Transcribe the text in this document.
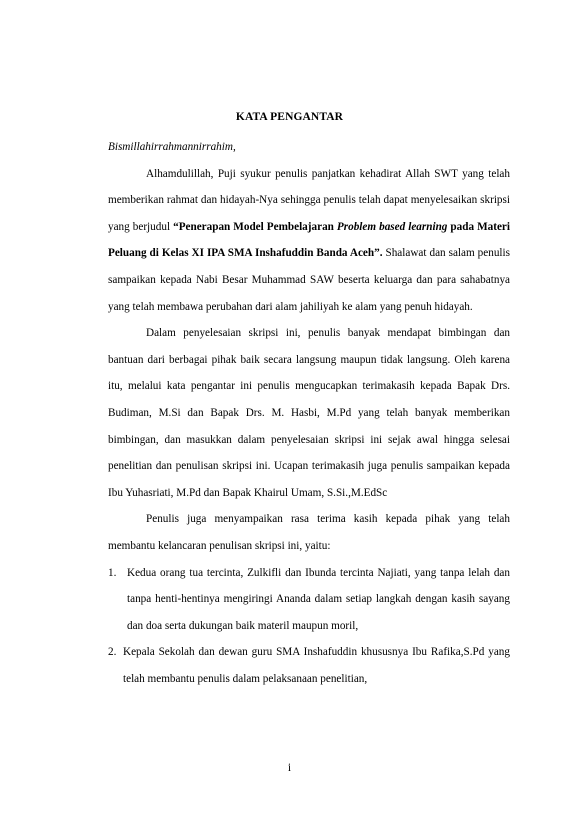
KATA PENGANTAR

Bismillahirrahmannirrahim,

Alhamdulillah, Puji syukur penulis panjatkan kehadirat Allah SWT yang telah memberikan rahmat dan hidayah-Nya sehingga penulis telah dapat menyelesaikan skripsi yang berjudul “Penerapan Model Pembelajaran Problem based learning pada Materi Peluang di Kelas XI IPA SMA Inshafuddin Banda Aceh”. Shalawat dan salam penulis sampaikan kepada Nabi Besar Muhammad SAW beserta keluarga dan para sahabatnya yang telah membawa perubahan dari alam jahiliyah ke alam yang penuh hidayah.

Dalam penyelesaian skripsi ini, penulis banyak mendapat bimbingan dan bantuan dari berbagai pihak baik secara langsung maupun tidak langsung. Oleh karena itu, melalui kata pengantar ini penulis mengucapkan terimakasih kepada Bapak Drs. Budiman, M.Si dan Bapak Drs. M. Hasbi, M.Pd yang telah banyak memberikan bimbingan, dan masukkan dalam penyelesaian skripsi ini sejak awal hingga selesai penelitian dan penulisan skripsi ini. Ucapan terimakasih juga penulis sampaikan kepada Ibu Yuhasriati, M.Pd dan Bapak Khairul Umam, S.Si.,M.EdSc

Penulis juga menyampaikan rasa terima kasih kepada pihak yang telah membantu kelancaran penulisan skripsi ini, yaitu:

1. Kedua orang tua tercinta, Zulkifli dan Ibunda tercinta Najiati, yang tanpa lelah dan tanpa henti-hentinya mengiringi Ananda dalam setiap langkah dengan kasih sayang dan doa serta dukungan baik materil maupun moril,
2. Kepala Sekolah dan dewan guru SMA Inshafuddin khususnya Ibu Rafika,S.Pd yang telah membantu penulis dalam pelaksanaan penelitian,
i
